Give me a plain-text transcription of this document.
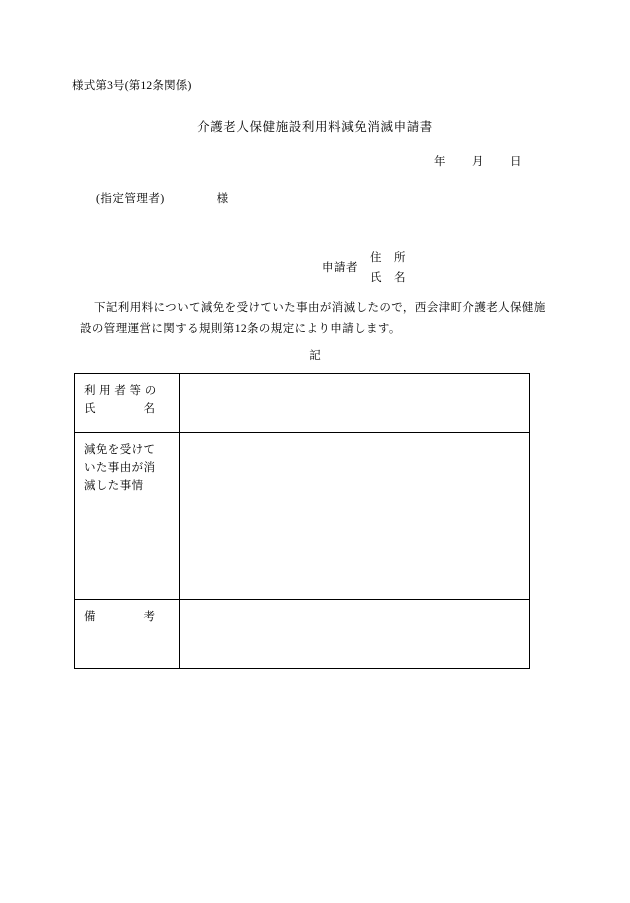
様式第3号(第12条関係)
介護老人保健施設利用料減免消滅申請書
年 月 日
(指定管理者)	様
申請者
住　所
氏　名
下記利用料について減免を受けていた事由が消滅したので，西会津町介護老人保健施
設の管理運営に関する規則第12条の規定により申請します。
記
利 用 者 等 の
氏　　　　名	

減免を受けて
いた事由が消
滅した事情	

備　　　　考	
